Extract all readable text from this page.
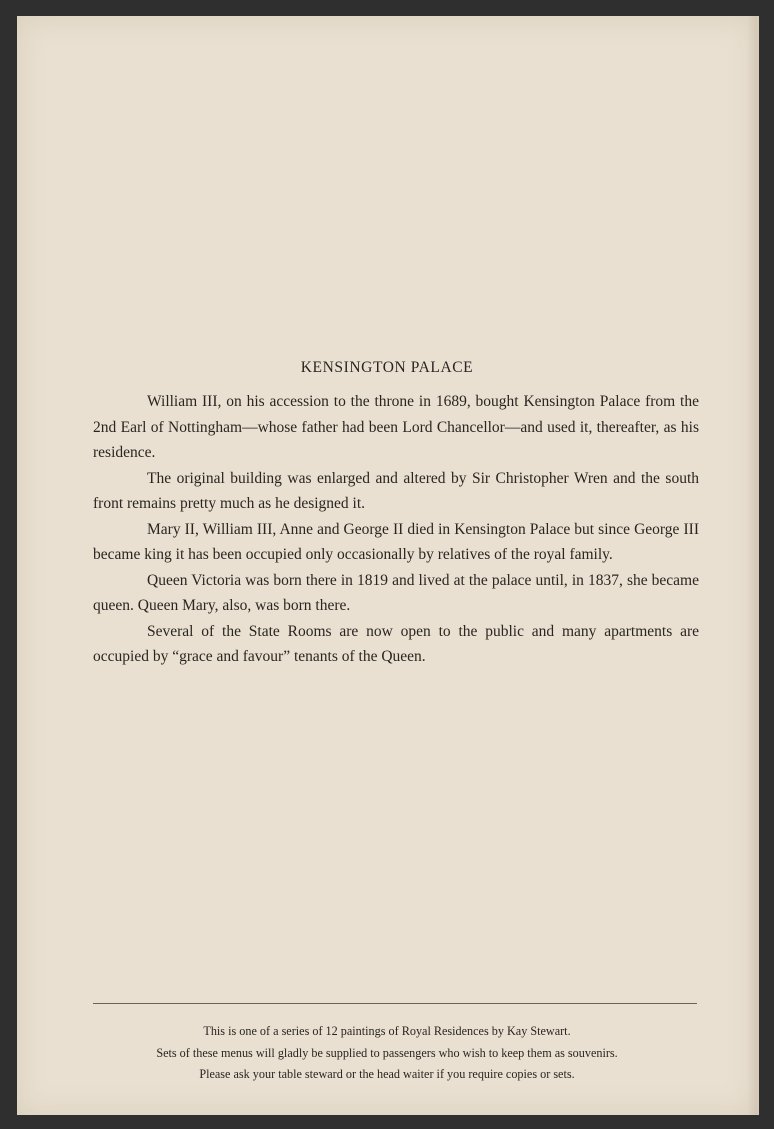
KENSINGTON PALACE

William III, on his accession to the throne in 1689, bought Kensington Palace from the 2nd Earl of Nottingham—whose father had been Lord Chancellor—and used it, thereafter, as his residence.

The original building was enlarged and altered by Sir Christopher Wren and the south front remains pretty much as he designed it.

Mary II, William III, Anne and George II died in Kensington Palace but since George III became king it has been occupied only occasionally by relatives of the royal family.

Queen Victoria was born there in 1819 and lived at the palace until, in 1837, she became queen. Queen Mary, also, was born there.

Several of the State Rooms are now open to the public and many apartments are occupied by “grace and favour” tenants of the Queen.

This is one of a series of 12 paintings of Royal Residences by Kay Stewart.
Sets of these menus will gladly be supplied to passengers who wish to keep them as souvenirs.
Please ask your table steward or the head waiter if you require copies or sets.
